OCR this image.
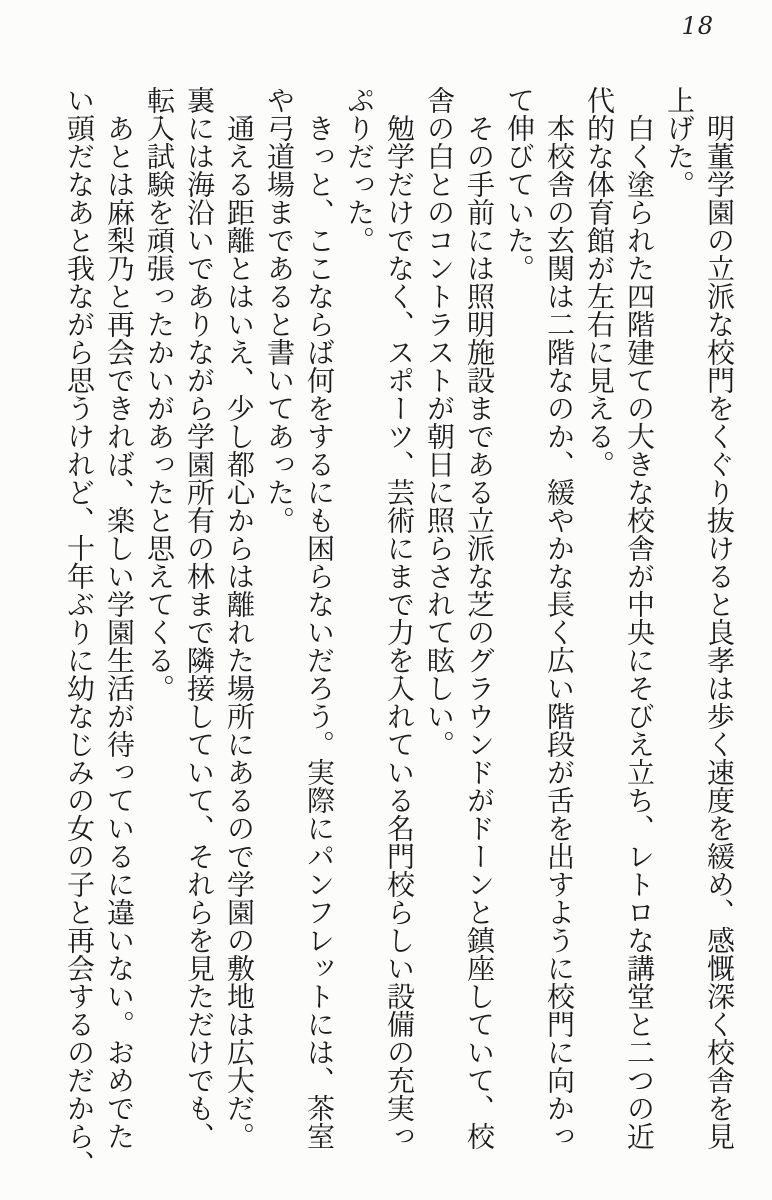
18
　明董学園の立派な校門をくぐり抜けると良孝は歩く速度を緩め、感慨深く校舎を見
上げた。
　白く塗られた四階建ての大きな校舎が中央にそびえ立ち、レトロな講堂と二つの近
代的な体育館が左右に見える。
　本校舎の玄関は二階なのか、緩やかな長く広い階段が舌を出すように校門に向かっ
て伸びていた。
　その手前には照明施設まである立派な芝のグラウンドがドーンと鎮座していて、校
舎の白とのコントラストが朝日に照らされて眩しい。
　勉学だけでなく、スポーツ、芸術にまで力を入れている名門校らしい設備の充実っ
ぷりだった。
　きっと、ここならば何をするにも困らないだろう。実際にパンフレットには、茶室
や弓道場まであると書いてあった。
　通える距離とはいえ、少し都心からは離れた場所にあるので学園の敷地は広大だ。
裏には海沿いでありながら学園所有の林まで隣接していて、それらを見ただけでも、
転入試験を頑張ったかいがあったと思えてくる。
　あとは麻梨乃と再会できれば、楽しい学園生活が待っているに違いない。おめでた
い頭だなあと我ながら思うけれど、十年ぶりに幼なじみの女の子と再会するのだから、
